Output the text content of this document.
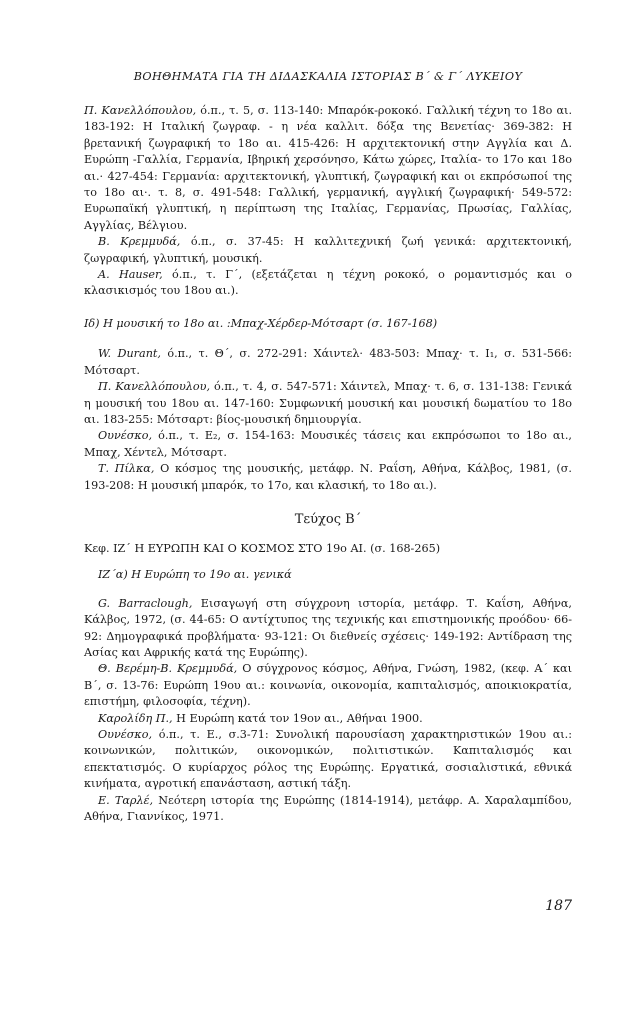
ΒΟΗΘΗΜΑΤΑ ΓΙΑ ΤΗ ΔΙΔΑΣΚΑΛΙΑ ΙΣΤΟΡΙΑΣ Β΄ & Γ΄ ΛΥΚΕΙΟΥ

Π. Κανελλόπουλου, ό.π., τ. 5, σ. 113-140: Μπαρόκ-ροκοκό. Γαλλική τέχνη το 18ο αι. 183-192: Η Ιταλική ζωγραφ. - η νέα καλλιτ. δόξα της Βενετίας· 369-382: Η βρετανική ζωγραφική το 18ο αι. 415-426: Η αρχιτεκτονική στην Αγγλία και Δ. Ευρώπη -Γαλλία, Γερμανία, Ιβηρική χερσόνησο, Κάτω χώρες, Ιταλία- το 17ο και 18ο αι.· 427-454: Γερμανία: αρχιτεκτονική, γλυπτική, ζωγραφική και οι εκπρόσωποί της το 18ο αι·. τ. 8, σ. 491-548: Γαλλική, γερμανική, αγγλική ζωγραφική· 549-572: Ευρωπαϊκή γλυπτική, η περίπτωση της Ιταλίας, Γερμανίας, Πρωσίας, Γαλλίας, Αγγλίας, Βέλγιου.

Β. Κρεμμυδά, ό.π., σ. 37-45: Η καλλιτεχνική ζωή γενικά: αρχιτεκτονική, ζωγραφική, γλυπτική, μουσική.

Α. Hauser, ό.π., τ. Γ΄, (εξετάζεται η τέχνη ροκοκό, ο ρομαντισμός και ο κλασικισμός του 18ου αι.).

Ιδ) Η μουσική το 18ο αι. :Μπαχ-Χέρδερ-Μότσαρτ (σ. 167-168)

W. Durant, ό.π., τ. Θ΄, σ. 272-291: Χάιντελ· 483-503: Μπαχ· τ. Ι₁, σ. 531-566: Μότσαρτ.

Π. Κανελλόπουλου, ό.π., τ. 4, σ. 547-571: Χάιντελ, Μπαχ· τ. 6, σ. 131-138: Γενικά η μουσική του 18ου αι. 147-160: Συμφωνική μουσική και μουσική δωματίου το 18ο αι. 183-255: Μότσαρτ: βίος-μουσική δημιουργία.

Ουνέσκο, ό.π., τ. Ε₂, σ. 154-163: Μουσικές τάσεις και εκπρόσωποι το 18ο αι., Μπαχ, Χέντελ, Μότσαρτ.

Τ. Πίλκα, Ο κόσμος της μουσικής, μετάφρ. Ν. Ραΐση, Αθήνα, Κάλβος, 1981, (σ. 193-208: Η μουσική μπαρόκ, το 17ο, και κλασική, το 18ο αι.).

Τεύχος Β΄
Κεφ. ΙΖ΄ Η ΕΥΡΩΠΗ ΚΑΙ Ο ΚΟΣΜΟΣ ΣΤΟ 19ο ΑΙ. (σ. 168-265)
ΙΖ΄α) Η Ευρώπη το 19ο αι. γενικά

G. Barraclough, Εισαγωγή στη σύγχρονη ιστορία, μετάφρ. Τ. Καΐση, Αθήνα, Κάλβος, 1972, (σ. 44-65: Ο αντίχτυπος της τεχνικής και επιστημονικής προόδου· 66-92: Δημογραφικά προβλήματα· 93-121: Οι διεθνείς σχέσεις· 149-192: Αντίδραση της Ασίας και Αφρικής κατά της Ευρώπης).

Θ. Βερέμη-Β. Κρεμμυδά, Ο σύγχρονος κόσμος, Αθήνα, Γνώση, 1982, (κεφ. Α΄ και Β΄, σ. 13-76: Ευρώπη 19ου αι.: κοινωνία, οικονομία, καπιταλισμός, αποικιοκρατία, επιστήμη, φιλοσοφία, τέχνη).

Καρολίδη Π., Η Ευρώπη κατά τον 19ον αι., Αθήναι 1900.

Ουνέσκο, ό.π., τ. Ε., σ.3-71: Συνολική παρουσίαση χαρακτηριστικών 19ου αι.: κοινωνικών, πολιτικών, οικονομικών, πολιτιστικών. Καπιταλισμός και επεκτατισμός. Ο κυρίαρχος ρόλος της Ευρώπης. Εργατικά, σοσιαλιστικά, εθνικά κινήματα, αγροτική επανάσταση, αστική τάξη.

Ε. Ταρλέ, Νεότερη ιστορία της Ευρώπης (1814-1914), μετάφρ. Α. Χαραλαμπίδου, Αθήνα, Γιαννίκος, 1971.

187
